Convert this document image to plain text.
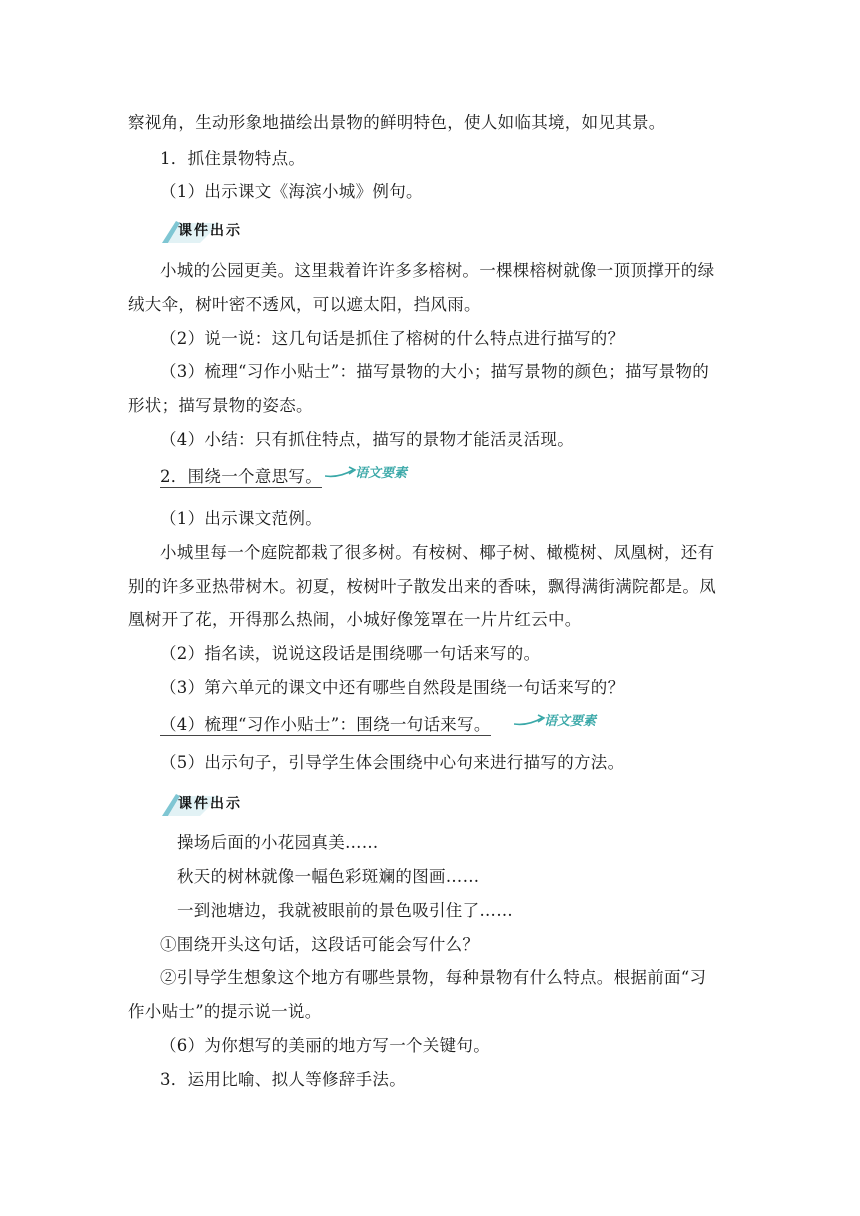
察视角，生动形象地描绘出景物的鲜明特色，使人如临其境，如见其景。
1．抓住景物特点。
（1）出示课文《海滨小城》例句。
课件出示
小城的公园更美。这里栽着许许多多榕树。一棵棵榕树就像一顶顶撑开的绿
绒大伞，树叶密不透风，可以遮太阳，挡风雨。
（2）说一说：这几句话是抓住了榕树的什么特点进行描写的？
（3）梳理“习作小贴士”：描写景物的大小；描写景物的颜色；描写景物的
形状；描写景物的姿态。
（4）小结：只有抓住特点，描写的景物才能活灵活现。
2．围绕一个意思写。	语文要素
（1）出示课文范例。
小城里每一个庭院都栽了很多树。有桉树、椰子树、橄榄树、凤凰树，还有
别的许多亚热带树木。初夏，桉树叶子散发出来的香味，飘得满街满院都是。凤
凰树开了花，开得那么热闹，小城好像笼罩在一片片红云中。
（2）指名读，说说这段话是围绕哪一句话来写的。
（3）第六单元的课文中还有哪些自然段是围绕一句话来写的？
（4）梳理“习作小贴士”：围绕一句话来写。	语文要素
（5）出示句子，引导学生体会围绕中心句来进行描写的方法。
课件出示
操场后面的小花园真美……
秋天的树林就像一幅色彩斑斓的图画……
一到池塘边，我就被眼前的景色吸引住了……
①围绕开头这句话，这段话可能会写什么？
②引导学生想象这个地方有哪些景物，每种景物有什么特点。根据前面“习
作小贴士”的提示说一说。
（6）为你想写的美丽的地方写一个关键句。
3．运用比喻、拟人等修辞手法。
